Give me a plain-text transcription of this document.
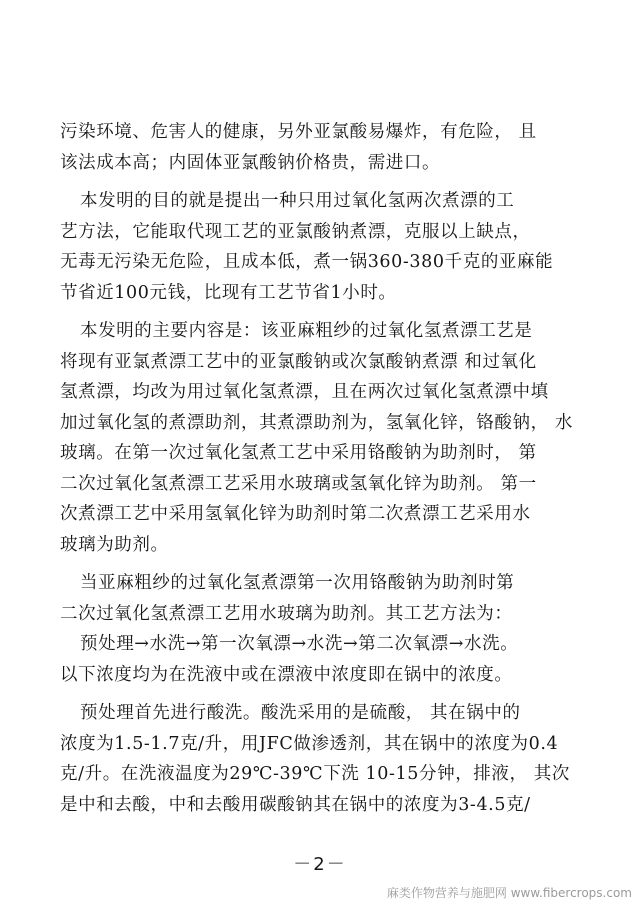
污染环境、危害人的健康，另外亚氯酸易爆炸，有危险， 且
该法成本高；内固体亚氯酸钠价格贵，需进口。
本发明的目的就是提出一种只用过氧化氢两次煮漂的工
艺方法，它能取代现工艺的亚氯酸钠煮漂，克服以上缺点，
无毒无污染无危险，且成本低，煮一锅360-380千克的亚麻能
节省近100元钱，比现有工艺节省1小时。
本发明的主要内容是：该亚麻粗纱的过氧化氢煮漂工艺是
将现有亚氯煮漂工艺中的亚氯酸钠或次氯酸钠煮漂 和过氧化
氢煮漂，均改为用过氧化氢煮漂，且在两次过氧化氢煮漂中填
加过氧化氢的煮漂助剂，其煮漂助剂为，氢氧化锌，铬酸钠， 水
玻璃。在第一次过氧化氢煮工艺中采用铬酸钠为助剂时， 第
二次过氧化氢煮漂工艺采用水玻璃或氢氧化锌为助剂。 第一
次煮漂工艺中采用氢氧化锌为助剂时第二次煮漂工艺采用水
玻璃为助剂。
当亚麻粗纱的过氧化氢煮漂第一次用铬酸钠为助剂时第
二次过氧化氢煮漂工艺用水玻璃为助剂。其工艺方法为：
预处理→水洗→第一次氧漂→水洗→第二次氧漂→水洗。
以下浓度均为在洗液中或在漂液中浓度即在锅中的浓度。
预处理首先进行酸洗。酸洗采用的是硫酸， 其在锅中的
浓度为1.5-1.7克/升，用JFC做渗透剂，其在锅中的浓度为0.4
克/升。在洗液温度为29℃-39℃下洗 10-15分钟，排液， 其次
是中和去酸，中和去酸用碳酸钠其在锅中的浓度为3-4.5克/
－2－
麻类作物营养与施肥网 www.fibercrops.com
